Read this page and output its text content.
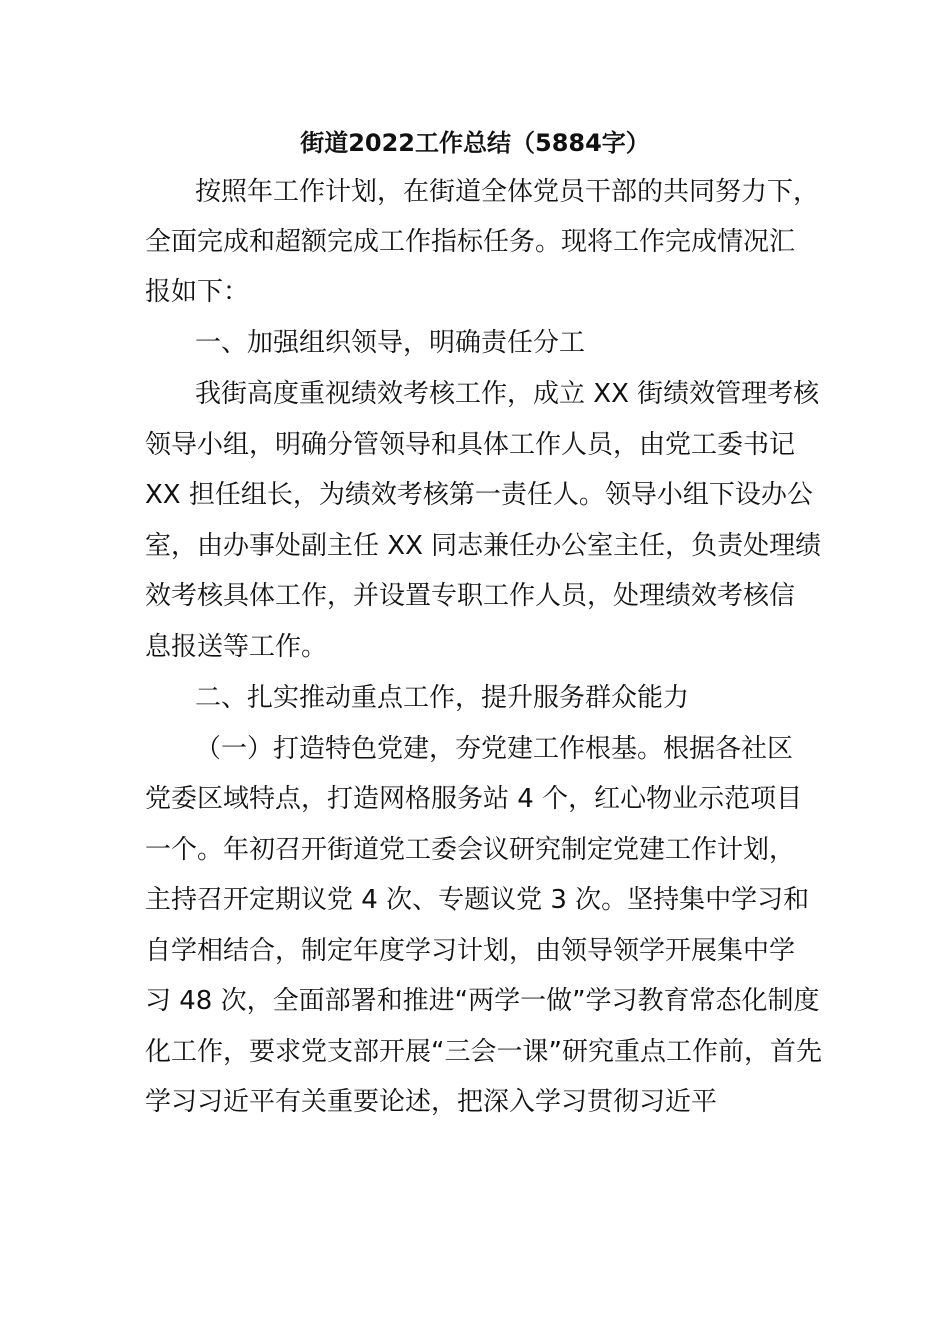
街道2022工作总结（5884字）
按照年工作计划，在街道全体党员干部的共同努力下，
全面完成和超额完成工作指标任务。现将工作完成情况汇
报如下：
一、加强组织领导，明确责任分工
我街高度重视绩效考核工作，成立 XX 街绩效管理考核
领导小组，明确分管领导和具体工作人员，由党工委书记
XX 担任组长，为绩效考核第一责任人。领导小组下设办公
室，由办事处副主任 XX 同志兼任办公室主任，负责处理绩
效考核具体工作，并设置专职工作人员，处理绩效考核信
息报送等工作。
二、扎实推动重点工作，提升服务群众能力
（一）打造特色党建，夯党建工作根基。根据各社区
党委区域特点，打造网格服务站 4 个，红心物业示范项目
一个。年初召开街道党工委会议研究制定党建工作计划，
主持召开定期议党 4 次、专题议党 3 次。坚持集中学习和
自学相结合，制定年度学习计划，由领导领学开展集中学
习 48 次，全面部署和推进“两学一做”学习教育常态化制度
化工作，要求党支部开展“三会一课”研究重点工作前，首先
学习习近平有关重要论述，把深入学习贯彻习近平
